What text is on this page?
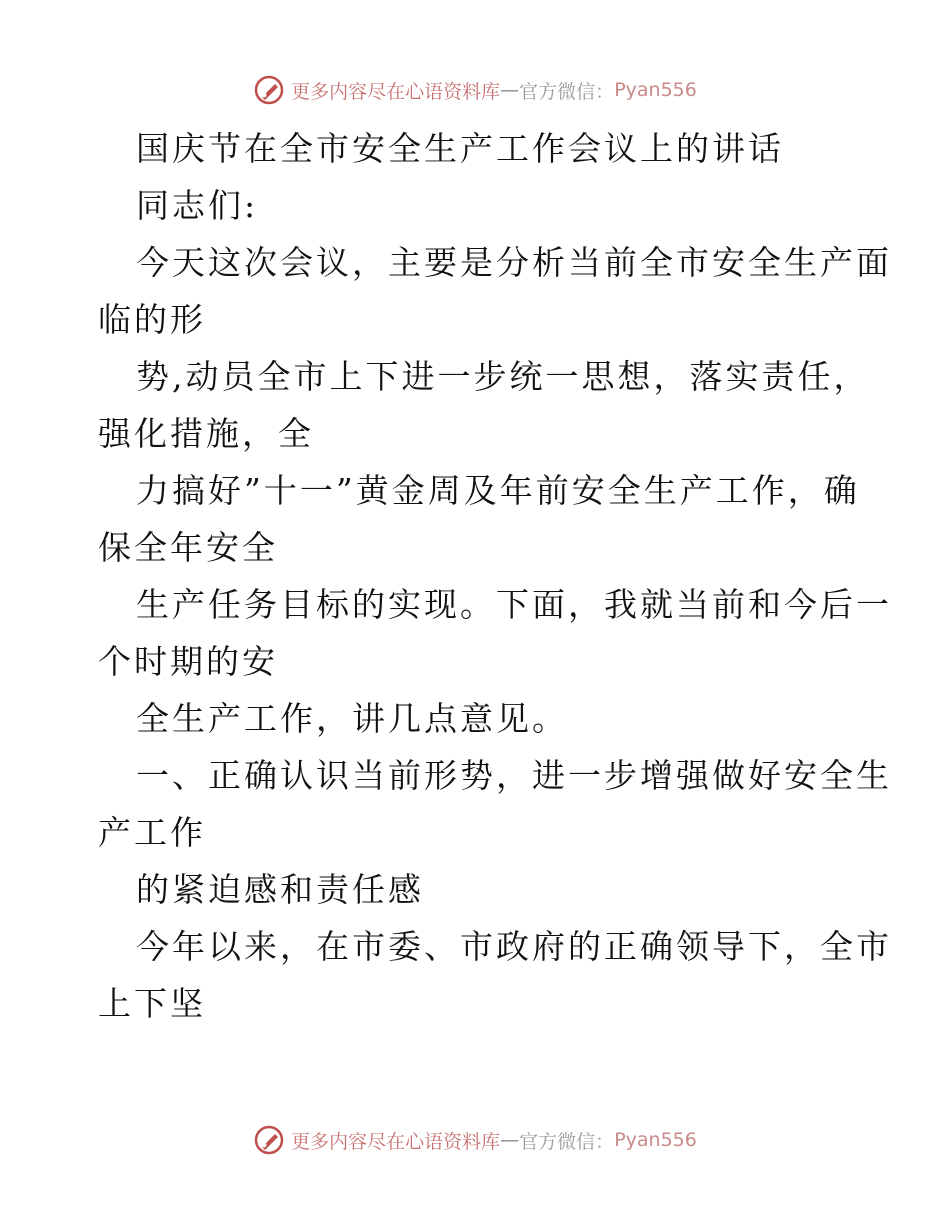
更多内容尽在心语资料库 — 官方微信： Pyan556

国庆节在全市安全生产工作会议上的讲话

同志们:

今天这次会议，主要是分析当前全市安全生产面

临的形

势,动员全市上下进一步统一思想，落实责任，

强化措施，全

力搞好”十一”黄金周及年前安全生产工作，确

保全年安全

生产任务目标的实现。下面，我就当前和今后一

个时期的安

全生产工作，讲几点意见。

一、正确认识当前形势，进一步增强做好安全生

产工作

的紧迫感和责任感

今年以来，在市委、市政府的正确领导下，全市

上下坚

更多内容尽在心语资料库 — 官方微信： Pyan556
